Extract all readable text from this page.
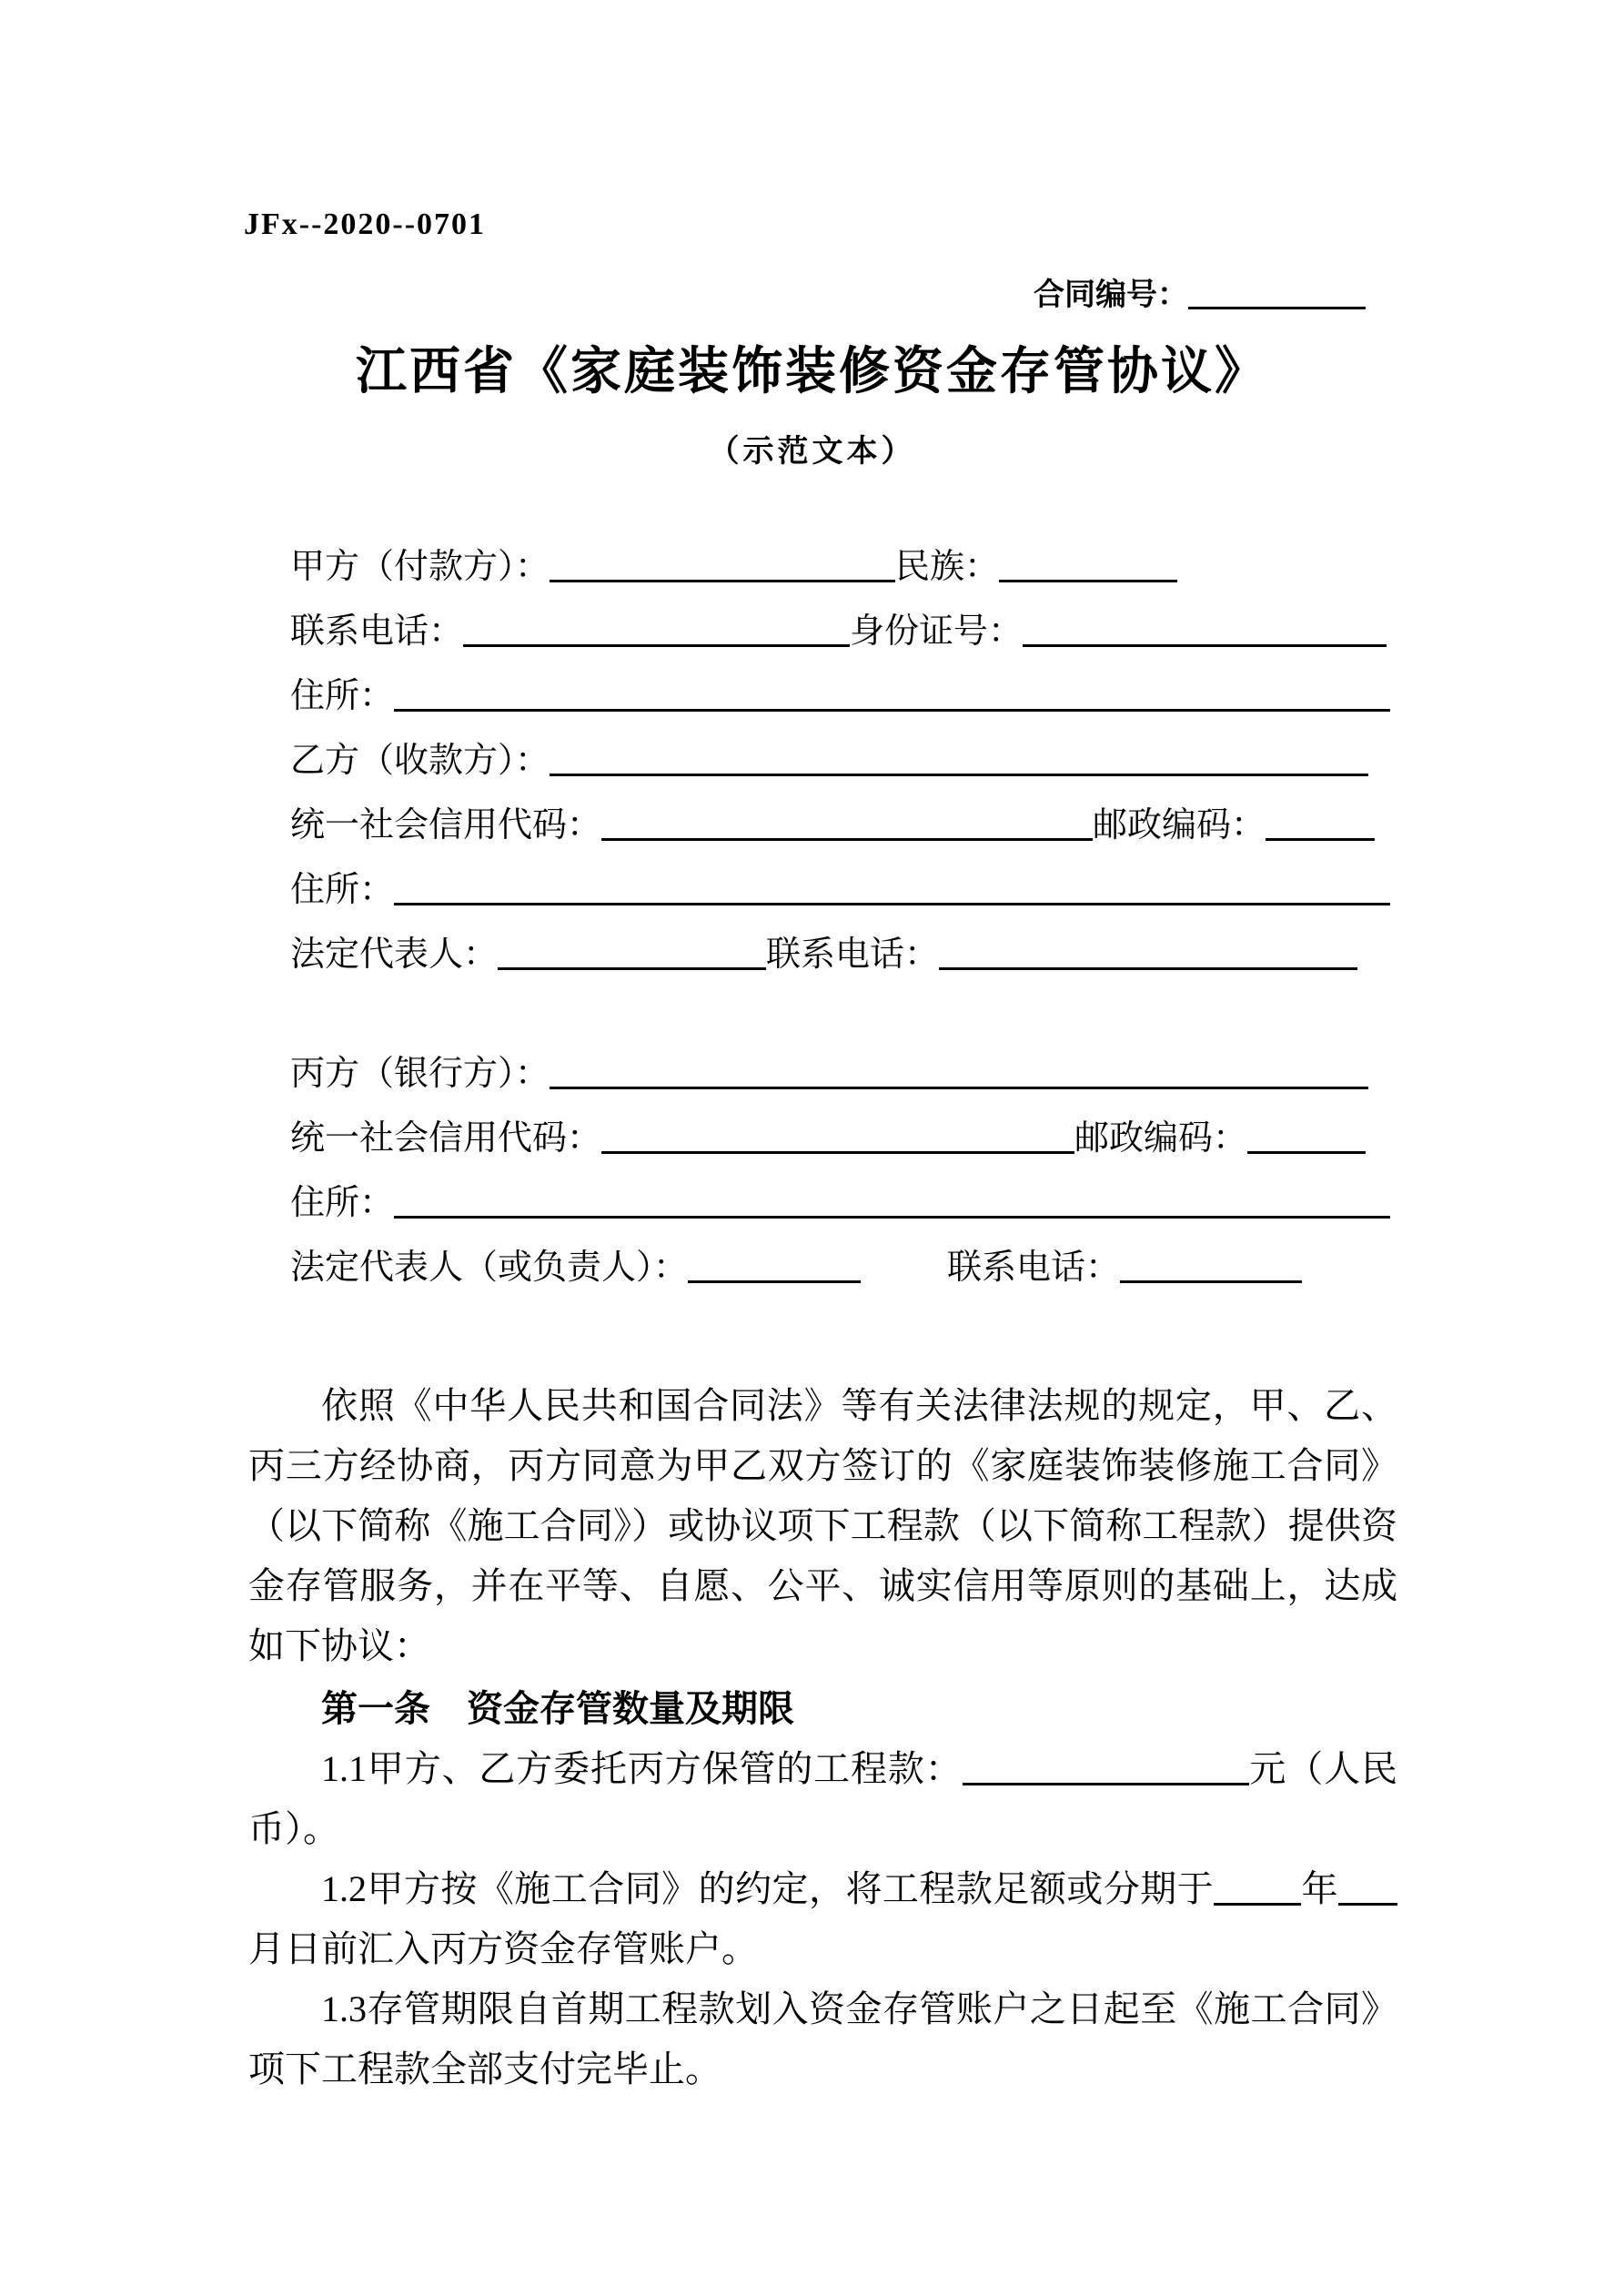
JFx--2020--0701
合同编号：
江西省《家庭装饰装修资金存管协议》
（示范文本）
甲方（付款方）：	民族：
联系电话：	身份证号：
住所：
乙方（收款方）：
统一社会信用代码：	邮政编码：
住所：
法定代表人：	联系电话：
丙方（银行方）：
统一社会信用代码：	邮政编码：
住所：
法定代表人（或负责人）：	联系电话：

依照《中华人民共和国合同法》等有关法律法规的规定，甲、乙、丙三方经协商，丙方同意为甲乙双方签订的《家庭装饰装修施工合同》（以下简称《施工合同》）或协议项下工程款（以下简称工程款）提供资金存管服务，并在平等、自愿、公平、诚实信用等原则的基础上，达成如下协议：

第一条　资金存管数量及期限

1.1甲方、乙方委托丙方保管的工程款：	元（人民币）。

1.2甲方按《施工合同》的约定，将工程款足额或分期于 年月日前汇入丙方资金存管账户。

1.3存管期限自首期工程款划入资金存管账户之日起至《施工合同》项下工程款全部支付完毕止。
